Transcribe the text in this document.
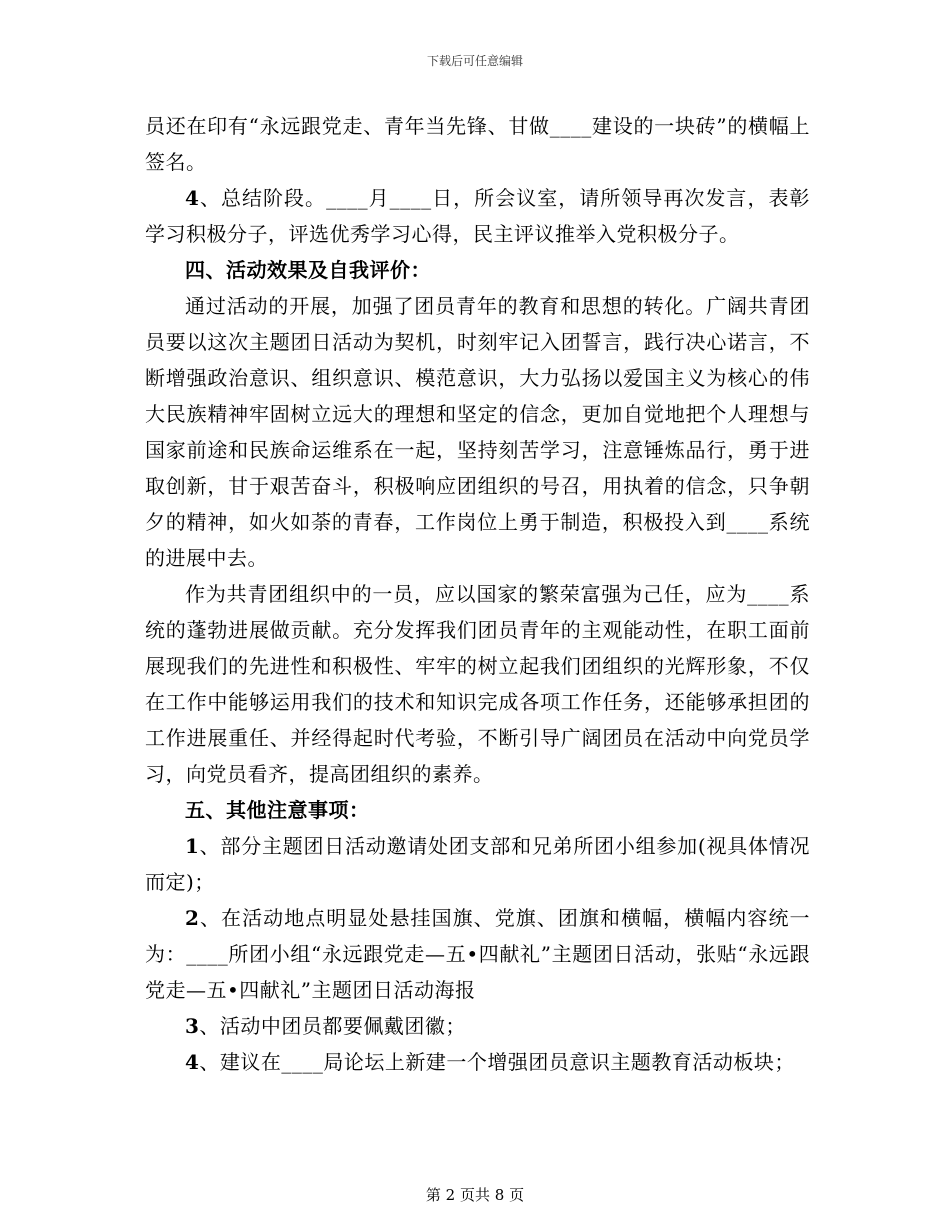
下载后可任意编辑

员还在印有“永远跟党走、青年当先锋、甘做____建设的一块砖”的横幅上签名。

4、总结阶段。____月____日，所会议室，请所领导再次发言，表彰学习积极分子，评选优秀学习心得，民主评议推举入党积极分子。

四、活动效果及自我评价：

通过活动的开展，加强了团员青年的教育和思想的转化。广阔共青团员要以这次主题团日活动为契机，时刻牢记入团誓言，践行决心诺言，不断增强政治意识、组织意识、模范意识，大力弘扬以爱国主义为核心的伟大民族精神牢固树立远大的理想和坚定的信念，更加自觉地把个人理想与国家前途和民族命运维系在一起，坚持刻苦学习，注意锤炼品行，勇于进取创新，甘于艰苦奋斗，积极响应团组织的号召，用执着的信念，只争朝夕的精神，如火如荼的青春，工作岗位上勇于制造，积极投入到____系统的进展中去。

作为共青团组织中的一员，应以国家的繁荣富强为己任，应为____系统的蓬勃进展做贡献。充分发挥我们团员青年的主观能动性，在职工面前展现我们的先进性和积极性、牢牢的树立起我们团组织的光辉形象，不仅在工作中能够运用我们的技术和知识完成各项工作任务，还能够承担团的工作进展重任、并经得起时代考验，不断引导广阔团员在活动中向党员学习，向党员看齐，提高团组织的素养。

五、其他注意事项：

1、部分主题团日活动邀请处团支部和兄弟所团小组参加(视具体情况而定)；

2、在活动地点明显处悬挂国旗、党旗、团旗和横幅，横幅内容统一为：____所团小组“永远跟党走—五•四献礼”主题团日活动，张贴“永远跟党走—五•四献礼”主题团日活动海报

3、活动中团员都要佩戴团徽；

4、建议在____局论坛上新建一个增强团员意识主题教育活动板块；

第 2 页共 8 页
